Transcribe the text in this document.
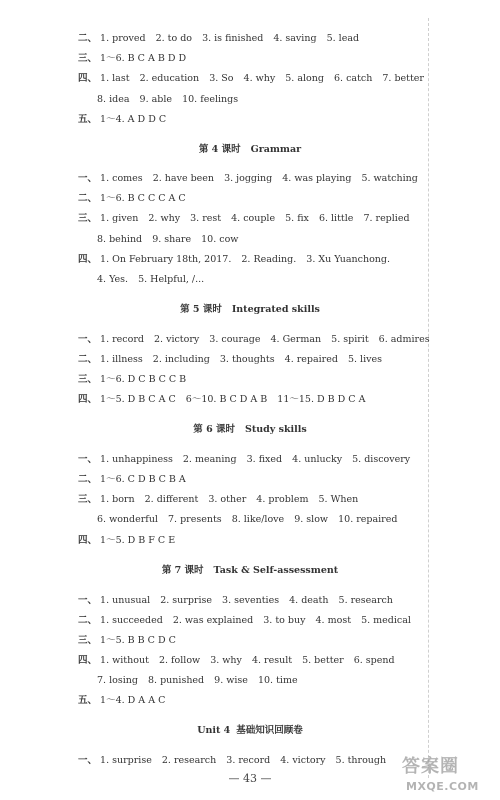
二、 1. proved 2. to do 3. is finished 4. saving 5. lead
三、 1～6. B C A B D D
四、 1. last 2. education 3. So 4. why 5. along 6. catch 7. better
8. idea 9. able 10. feelings
五、 1～4. A D D C
第 4 课时 Grammar
一、 1. comes 2. have been 3. jogging 4. was playing 5. watching
二、 1～6. B C C C A C
三、 1. given 2. why 3. rest 4. couple 5. fix 6. little 7. replied
8. behind 9. share 10. cow
四、 1. On February 18th, 2017. 2. Reading. 3. Xu Yuanchong.
4. Yes. 5. Helpful, /...
第 5 课时 Integrated skills
一、 1. record 2. victory 3. courage 4. German 5. spirit 6. admires
二、 1. illness 2. including 3. thoughts 4. repaired 5. lives
三、 1～6. D C B C C B
四、 1～5. D B C A C 6～10. B C D A B 11～15. D B D C A
第 6 课时 Study skills
一、 1. unhappiness 2. meaning 3. fixed 4. unlucky 5. discovery
二、 1～6. C D B C B A
三、 1. born 2. different 3. other 4. problem 5. When
6. wonderful 7. presents 8. like/love 9. slow 10. repaired
四、 1～5. D B F C E
第 7 课时 Task & Self-assessment
一、 1. unusual 2. surprise 3. seventies 4. death 5. research
二、 1. succeeded 2. was explained 3. to buy 4. most 5. medical
三、 1～5. B B C D C
四、 1. without 2. follow 3. why 4. result 5. better 6. spend
7. losing 8. punished 9. wise 10. time
五、 1～4. D A A C
Unit 4 基础知识回顾卷
一、 1. surprise 2. research 3. record 4. victory 5. through
— 43 —
答案圈
MXQE.COM
